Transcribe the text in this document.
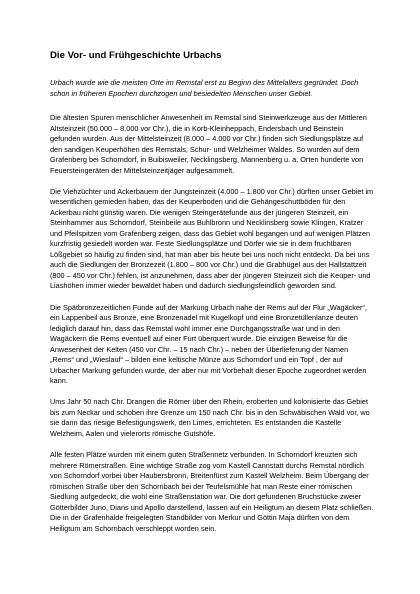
Die Vor- und Frühgeschichte Urbachs

Urbach wurde wie die meisten Orte im Remstal erst zu Beginn des Mittelalters gegründet. Doch schon in früheren Epochen durchzogen und besiedelten Menschen unser Gebiet.

Die ältesten Spuren menschlicher Anwesenheit im Remstal sind Steinwerkzeuge aus der Mittleren Altsteinzeit (50.000 – 8.000 vor Chr.), die in Korb-Kleinheppach, Endersbach und Beinstein gefunden wurden. Aus der Mittelsteinzeit (8.000 – 4.000 vor Chr.) finden sich Siedlungsplätze auf den sandigen Keuperhöhen des Remstals, Schur- und Welzheimer Waldes. So wurden auf dem Grafenberg bei Schorndorf, in Buibisweiler, Necklingsberg, Mannenberg u. a. Orten hunderte von Feuersteingeräten der Mittelsteinzeitjäger aufgesammelt.

Die Viehzüchter und Ackerbauern der Jungsteinzeit (4.000 – 1.800 vor Chr.) dürften unser Gebiet im wesentlichen gemieden haben, das der Keuperboden und die Gehängeschuttböden für den Ackerbau nicht günstig waren. Die wenigen Steingerätefunde aus der jüngeren Steinzeit, ein Steinhammer aus Schorndorf, Steinbeile aus Buhlbronn und Necklinsberg sowie Klingen, Kratzer und Pfeilspitzen vom Grafenberg zeigen, dass das Gebiet wohl begangen und auf wenigen Plätzen kurzfristig gesiedelt worden war. Feste Siedlungsplätze und Dörfer wie sie in dem fruchtbaren Lößgebiet so häufig zu finden sind, hat man aber bis heute bei uns noch nicht entdeckt. Da bei uns auch die Siedlungen der Bronzezeit (1.800 – 800 vor Chr.) und die Grabhügel aus der Hallstattzeit (800 – 450 vor Chr.) fehlen, ist anzunehmen, dass aber der jüngeren Steinzeit sich die Keuper- und Liashöhen immer wieder bewaldet haben und dadurch siedlungsfeindlich geworden sind.

Die Spätbronzezeitlichen Funde auf der Markung Urbach nahe der Rems auf der Flur „Wagäcker“, ein Lappenbeil aus Bronze, eine Bronzenadel mit Kugelkopf und eine Bronzetüllenlanze deuten lediglich darauf hin, dass das Remstal wohl immer eine Durchgangsstraße war und in den Wagäckern die Rems eventuell auf einer Furt überquert wurde. Die einzigen Beweise für die Anwesenheit der Kelten (450 vor Chr. – 15 nach Chr.) – neben der Überlieferung der Namen „Rems“ und „Wieslauf“ – bilden eine keltische Münze aus Schorndorf und ein Topf , der auf Urbacher Markung gefunden wurde, der aber nur mit Vorbehalt dieser Epoche zugeordnet werden kann.

Ums Jahr 50 nach Chr. Drangen die Römer über den Rhein, eroberten und kolonisierte das Gebiet bis zum Neckar und schoben ihre Grenze um 150 nach Chr. bis in den Schwäbischen Wald vor, wo sie dann das riesige Befestigungswerk, den Limes, errichteten. Es entstanden die Kastelle Welzheim, Aalen und vielerorts römische Gutshöfe.

Alle festen Plätze wurden mit einem guten Straßennetz verbunden. In Schorndorf kreuzten sich mehrere Römerstraßen. Eine wichtige Straße zog vom Kastell Cannstatt durchs Remstal nördlich von Schorndorf vorbei über Haubersbronn, Breitenfürst zum Kastell Welzheim. Beim Übergang der römischen Straße über den Schornbach bei der Teufelsmühle hat man Reste einer römischen Siedlung aufgedeckt, die wohl eine Straßenstation war. Die dort gefundenen Bruchstücke zweier Götterbilder Juno, Dians und Apollo darstellend, lassen auf ein Heiligtum an diesem Platz schließen. Die in der Grafenhalde freigelegten Standbilder von Merkur und Göttin Maja dürften von dem Heiligtum am Schornbach verschleppt worden sein.
